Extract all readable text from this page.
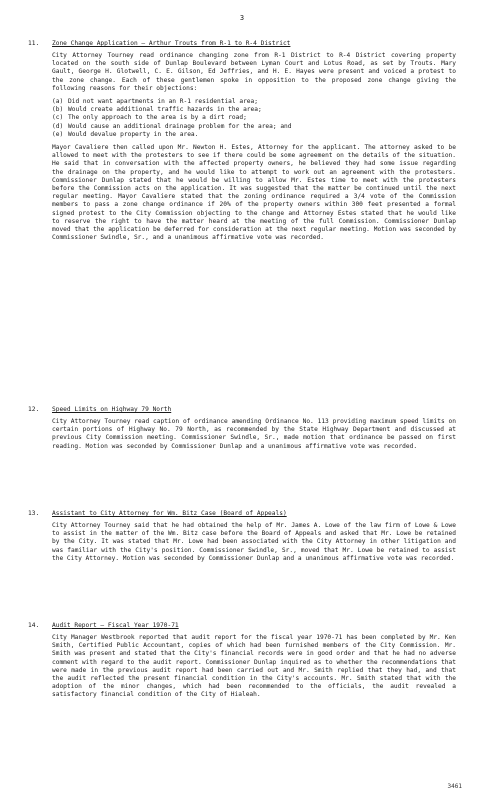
3
11.	Zone Change Application – Arthur Trouts from R-1 to R-4 District

City Attorney Tourney read ordinance changing zone from R-1 District to R-4 District covering property located on the south side of Dunlap Boulevard between Lyman Court and Lotus Road, as set by Trouts. Mary Gault, George H. Glotwell, C. E. Gilson, Ed Jeffries, and H. E. Hayes were present and voiced a protest to the zone change. Each of these gentlemen spoke in opposition to the proposed zone change giving the following reasons for their objections:

(a) Did not want apartments in an R-1 residential area;
(b) Would create additional traffic hazards in the area;
(c) The only approach to the area is by a dirt road;
(d) Would cause an additional drainage problem for the area; and
(e) Would devalue property in the area.

Mayor Cavaliere then called upon Mr. Newton H. Estes, Attorney for the applicant. The attorney asked to be allowed to meet with the protesters to see if there could be some agreement on the details of the situation. He said that in conversation with the affected property owners, he believed they had some issue regarding the drainage on the property, and he would like to attempt to work out an agreement with the protesters. Commissioner Dunlap stated that he would be willing to allow Mr. Estes time to meet with the protesters before the Commission acts on the application. It was suggested that the matter be continued until the next regular meeting. Mayor Cavaliere stated that the zoning ordinance required a 3/4 vote of the Commission members to pass a zone change ordinance if 20% of the property owners within 300 feet presented a formal signed protest to the City Commission objecting to the change and Attorney Estes stated that he would like to reserve the right to have the matter heard at the meeting of the full Commission. Commissioner Dunlap moved that the application be deferred for consideration at the next regular meeting. Motion was seconded by Commissioner Swindle, Sr., and a unanimous affirmative vote was recorded.

12.	Speed Limits on Highway 79 North

City Attorney Tourney read caption of ordinance amending Ordinance No. 113 providing maximum speed limits on certain portions of Highway No. 79 North, as recommended by the State Highway Department and discussed at previous City Commission meeting. Commissioner Swindle, Sr., made motion that ordinance be passed on first reading. Motion was seconded by Commissioner Dunlap and a unanimous affirmative vote was recorded.

13.	Assistant to City Attorney for Wm. Bitz Case (Board of Appeals)

City Attorney Tourney said that he had obtained the help of Mr. James A. Lowe of the law firm of Lowe & Lowe to assist in the matter of the Wm. Bitz case before the Board of Appeals and asked that Mr. Lowe be retained by the City. It was stated that Mr. Lowe had been associated with the City Attorney in other litigation and was familiar with the City's position. Commissioner Swindle, Sr., moved that Mr. Lowe be retained to assist the City Attorney. Motion was seconded by Commissioner Dunlap and a unanimous affirmative vote was recorded.

14.	Audit Report – Fiscal Year 1970-71

City Manager Westbrook reported that audit report for the fiscal year 1970-71 has been completed by Mr. Ken Smith, Certified Public Accountant, copies of which had been furnished members of the City Commission. Mr. Smith was present and stated that the City's financial records were in good order and that he had no adverse comment with regard to the audit report. Commissioner Dunlap inquired as to whether the recommendations that were made in the previous audit report had been carried out and Mr. Smith replied that they had, and that the audit reflected the present financial condition in the City's accounts. Mr. Smith stated that with the adoption of the minor changes, which had been recommended to the officials, the audit revealed a satisfactory financial condition of the City of Hialeah.

3461
